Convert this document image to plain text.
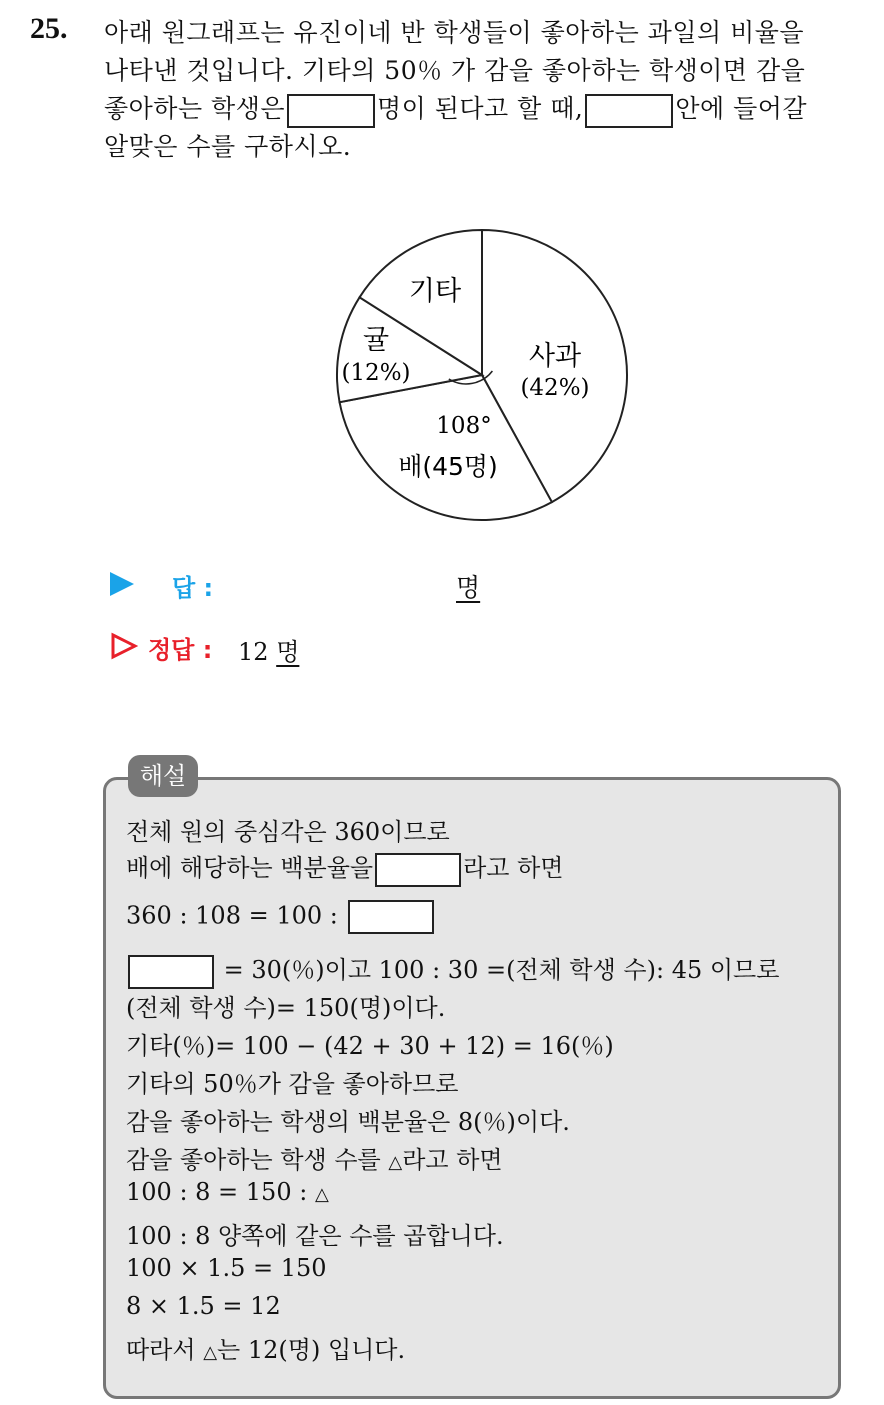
25. 아래 원그래프는 유진이네 반 학생들이 좋아하는 과일의 비율을
나타낸 것입니다. 기타의 50％ 가 감을 좋아하는 학생이면 감을
좋아하는 학생은	명이 된다고 할 때,	안에 들어갈
알맞은 수를 구하시오.
기타
귤
(12%)
사과
(42%)
108°
배(45명)
답 :	명
정답 : 12 명
해설
전체 원의 중심각은 360이므로
배에 해당하는 백분율을	라고 하면
360 : 108 = 100 :
= 30(％)이고 100 : 30 =(전체 학생 수): 45 이므로
(전체 학생 수)= 150(명)이다.
기타(％)= 100 − (42 + 30 + 12) = 16(％)
기타의 50％가 감을 좋아하므로
감을 좋아하는 학생의 백분율은 8(％)이다.
감을 좋아하는 학생 수를 △라고 하면
100 : 8 = 150 : △
100 : 8 양쪽에 같은 수를 곱합니다.
100 × 1.5 = 150
8 × 1.5 = 12
따라서 △는 12(명) 입니다.
